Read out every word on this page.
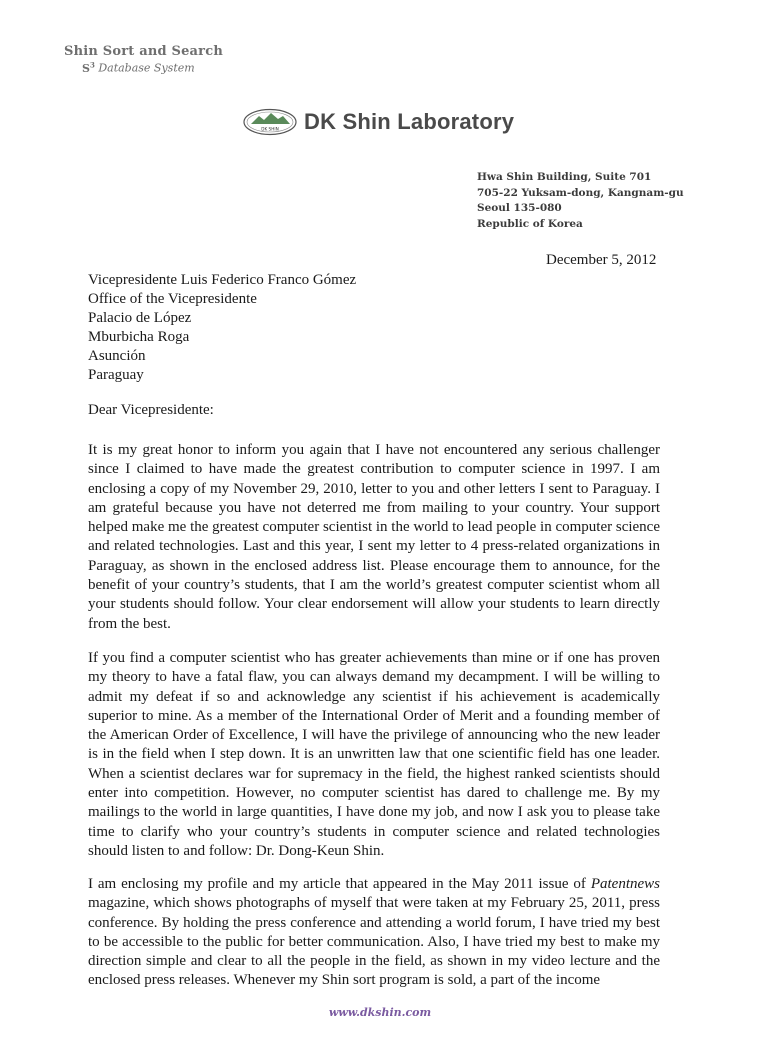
Shin Sort and Search
$S^3$ Database System
DK SHIN DK Shin Laboratory
Hwa Shin Building, Suite 701
705-22 Yuksam-dong, Kangnam-gu
Seoul 135-080
Republic of Korea
December 5, 2012
Vicepresidente Luis Federico Franco Gómez
Office of the Vicepresidente
Palacio de López
Mburbicha Roga
Asunción
Paraguay
Dear Vicepresidente:
It is my great honor to inform you again that I have not encountered any serious challenger since I claimed to have made the greatest contribution to computer science in 1997. I am enclosing a copy of my November 29, 2010, letter to you and other letters I sent to Paraguay. I am grateful because you have not deterred me from mailing to your country. Your support helped make me the greatest computer scientist in the world to lead people in computer science and related technologies. Last and this year, I sent my letter to 4 press-related organizations in Paraguay, as shown in the enclosed address list. Please encourage them to announce, for the benefit of your country’s students, that I am the world’s greatest computer scientist whom all your students should follow. Your clear endorsement will allow your students to learn directly from the best.
If you find a computer scientist who has greater achievements than mine or if one has proven my theory to have a fatal flaw, you can always demand my decampment. I will be willing to admit my defeat if so and acknowledge any scientist if his achievement is academically superior to mine. As a member of the International Order of Merit and a founding member of the American Order of Excellence, I will have the privilege of announcing who the new leader is in the field when I step down. It is an unwritten law that one scientific field has one leader. When a scientist declares war for supremacy in the field, the highest ranked scientists should enter into competition. However, no computer scientist has dared to challenge me. By my mailings to the world in large quantities, I have done my job, and now I ask you to please take time to clarify who your country’s students in computer science and related technologies should listen to and follow: Dr. Dong-Keun Shin.
I am enclosing my profile and my article that appeared in the May 2011 issue of Patentnews magazine, which shows photographs of myself that were taken at my February 25, 2011, press conference. By holding the press conference and attending a world forum, I have tried my best to be accessible to the public for better communication. Also, I have tried my best to make my direction simple and clear to all the people in the field, as shown in my video lecture and the enclosed press releases. Whenever my Shin sort program is sold, a part of the income
www.dkshin.com
